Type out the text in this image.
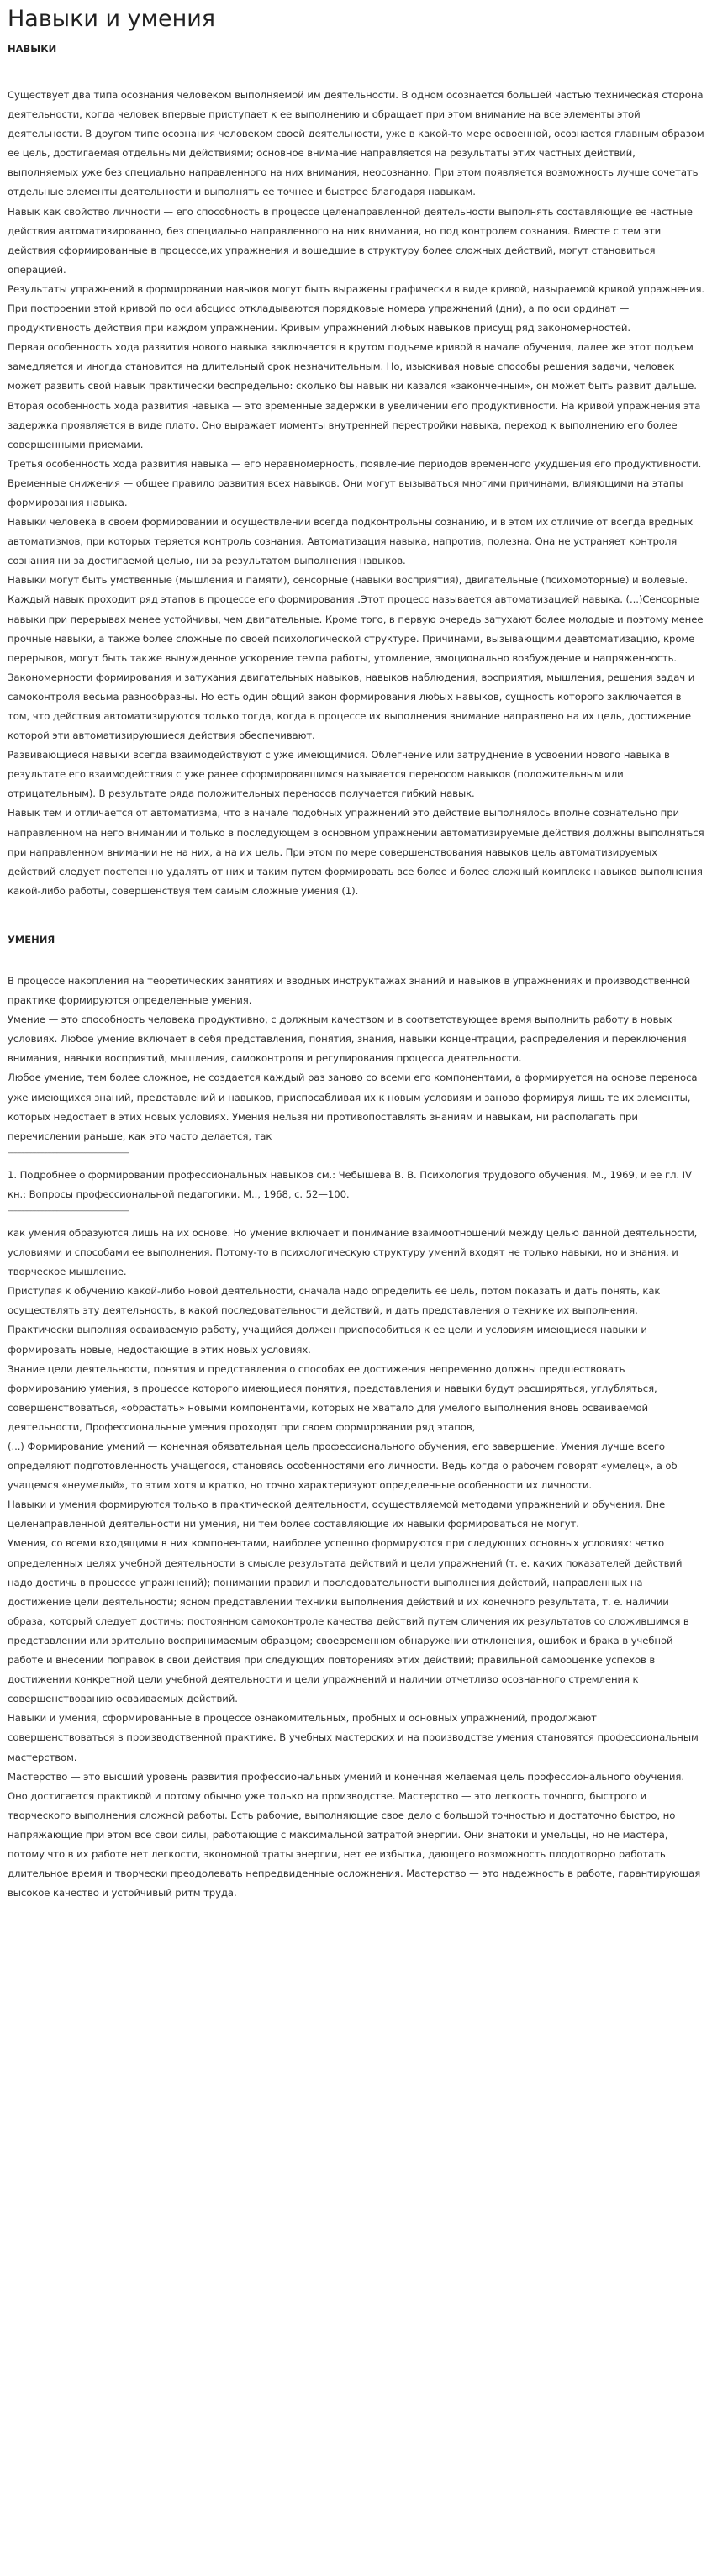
Навыки и умения
НАВЫКИ

Существует два типа осознания человеком выполняемой им деятельности. В одном осознается большей частью техническая сторона деятельности, когда человек впервые приступает к ее выполнению и обращает при этом внимание на все элементы этой деятельности. В другом типе осознания человеком своей деятельности, уже в какой-то мере освоенной, осознается главным образом ее цель, достигаемая отдельными действиями; основное внимание направляется на результаты этих частных действий, выполняемых уже без специально направленного на них внимания, неосознанно. При этом появляется возможность лучше сочетать отдельные элементы деятельности и выполнять ее точнее и быстрее благодаря навыкам.

Навык как свойство личности — его способность в процессе целенаправленной деятельности выполнять составляющие ее частные действия автоматизированно, без специально направленного на них внимания, но под контролем сознания. Вместе с тем эти действия сформированные в процессе,их упражнения и вошедшие в структуру более сложных действий, могут становиться операцией.

Результаты упражнений в формировании навыков могут быть выражены графически в виде кривой, назыраемой кривой упражнения. При построении этой кривой по оси абсцисс откладываются порядковые номера упражнений (дни), а по оси ординат — продуктивность действия при каждом упражнении. Кривым упражнений любых навыков присущ ряд закономерностей.

Первая особенность хода развития нового навыка заключается в крутом подъеме кривой в начале обучения, далее же этот подъем замедляется и иногда становится на длительный срок незначительным. Но, изыскивая новые способы решения задачи, человек может развить свой навык практически беспредельно: сколько бы навык ни казался «законченным», он может быть развит дальше.

Вторая особенность хода развития навыка — это временные задержки в увеличении его продуктивности. На кривой упражнения эта задержка проявляется в виде плато. Оно выражает моменты внутренней перестройки навыка, переход к выполнению его более совершенными приемами.

Третья особенность хода развития навыка — его неравномерность, появление периодов временного ухудшения его продуктивности. Временные снижения — общее правило развития всех навыков. Они могут вызываться многими причинами, влияющими на этапы формирования навыка.

Навыки человека в своем формировании и осуществлении всегда подконтрольны сознанию, и в этом их отличие от всегда вредных автоматизмов, при которых теряется контроль сознания. Автоматизация навыка, напротив, полезна. Она не устраняет контроля сознания ни за достигаемой целью, ни за результатом выполнения навыков.

Навыки могут быть умственные (мышления и памяти), сенсорные (навыки восприятия), двигательные (психомоторные) и волевые. Каждый навык проходит ряд этапов в процессе его формирования .Этот процесс называется автоматизацией навыка. (...)Сенсорные навыки при перерывах менее устойчивы, чем двигательные. Кроме того, в первую очередь затухают более молодые и поэтому менее прочные навыки, а также более сложные по своей психологической структуре. Причинами, вызывающими деавтоматизацию, кроме перерывов, могут быть также вынужденное ускорение темпа работы, утомление, эмоционально возбуждение и напряженность.

Закономерности формирования и затухания двигательных навыков, навыков наблюдения, восприятия, мышления, решения задач и самоконтроля весьма разнообразны. Но есть один общий закон формирования любых навыков, сущность которого заключается в том, что действия автоматизируются только тогда, когда в процессе их выполнения внимание направлено на их цель, достижение которой эти автоматизирующиеся действия обеспечивают.

Развивающиеся навыки всегда взаимодействуют с уже имеющимися. Облегчение или затруднение в усвоении нового навыка в результате его взаимодействия с уже ранее сформировавшимся называется переносом навыков (положительным или отрицательным). В результате ряда положительных переносов получается гибкий навык.

Навык тем и отличается от автоматизма, что в начале подобных упражнений это действие выполнялось вполне сознательно при направленном на него внимании и только в последующем в основном упражнении автоматизируемые действия должны выполняться при направленном внимании не на них, а на их цель. При этом по мере совершенствования навыков цель автоматизируемых действий следует постепенно удалять от них и таким путем формировать все более и более сложный комплекс навыков выполнения какой-либо работы, совершенствуя тем самым сложные умения (1).

УМЕНИЯ

В процессе накопления на теоретических занятиях и вводных инструктажах знаний и навыков в упражнениях и производственной практике формируются определенные умения.

Умение — это способность человека продуктивно, с должным качеством и в соответствующее время выполнить работу в новых условиях. Любое умение включает в себя представления, понятия, знания, навыки концентрации, распределения и переключения внимания, навыки восприятий, мышления, самоконтроля и регулирования процесса деятельности.

Любое умение, тем более сложное, не создается каждый раз заново со всеми его компонентами, а формируется на основе переноса уже имеющихся знаний, представлений и навыков, приспосабливая их к новым условиям и заново формируя лишь те их элементы, которых недостает в этих новых условиях. Умения нельзя ни противопоставлять знаниям и навыкам, ни располагать при перечислении раньше, как это часто делается, так

----------------------------------------------------------------

1. Подробнее о формировании профессиональных навыков см.: Чебышева В. В. Психология трудового обучения. М., 1969, и ее гл. IV кн.: Вопросы профессиональной педагогики. М.., 1968, с. 52—100.

----------------------------------------------------------------

как умения образуются лишь на их основе. Но умение включает и понимание взаимоотношений между целью данной деятельности, условиями и способами ее выполнения. Потому-то в психологическую структуру умений входят не только навыки, но и знания, и творческое мышление.

Приступая к обучению какой-либо новой деятельности, сначала надо определить ее цель, потом показать и дать понять, как осуществлять эту деятельность, в какой последовательности действий, и дать представления о технике их выполнения. Практически выполняя осваиваемую работу, учащийся должен приспособиться к ее цели и условиям имеющиеся навыки и формировать новые, недостающие в этих новых условиях.

Знание цели деятельности, понятия и представления о способах ее достижения непременно должны предшествовать формированию умения, в процессе которого имеющиеся понятия, представления и навыки будут расширяться, углубляться, совершенствоваться, «обрастать» новыми компонентами, которых не хватало для умелого выполнения вновь осваиваемой деятельности, Профессиональные умения проходят при своем формировании ряд этапов,

(...) Формирование умений — конечная обязательная цель профессионального обучения, его завершение. Умения лучше всего определяют подготовленность учащегося, становясь особенностями его личности. Ведь когда о рабочем говорят «умелец», а об учащемся «неумелый», то этим хотя и кратко, но точно характеризуют определенные особенности их личности.

Навыки и умения формируются только в практической деятельности, осуществляемой методами упражнений и обучения. Вне целенаправленной деятельности ни умения, ни тем более составляющие их навыки формироваться не могут.

Умения, со всеми входящими в них компонентами, наиболее успешно формируются при следующих основных условиях: четко определенных целях учебной деятельности в смысле результата действий и цели упражнений (т. е. каких показателей действий надо достичь в процессе упражнений); понимании правил и последовательности выполнения действий, направленных на достижение цели деятельности; ясном представлении техники выполнения действий и их конечного результата, т. е. наличии образа, который следует достичь; постоянном самоконтроле качества действий путем сличения их результатов со сложившимся в представлении или зрительно воспринимаемым образцом; своевременном обнаружении отклонения, ошибок и брака в учебной работе и внесении поправок в свои действия при следующих повторениях этих действий; правильной самооценке успехов в достижении конкретной цели учебной деятельности и цели упражнений и наличии отчетливо осознанного стремления к совершенствованию осваиваемых действий.

Навыки и умения, сформированные в процессе ознакомительных, пробных и основных упражнений, продолжают совершенствоваться в производственной практике. В учебных мастерских и на производстве умения становятся профессиональным мастерством.

Мастерство — это высший уровень развития профессиональных умений и конечная желаемая цель профессионального обучения. Оно достигается практикой и потому обычно уже только на производстве. Мастерство — это легкость точного, быстрого и творческого выполнения сложной работы. Есть рабочие, выполняющие свое дело с большой точностью и достаточно быстро, но напряжающие при этом все свои силы, работающие с максимальной затратой энергии. Они знатоки и умельцы, но не мастера, потому что в их работе нет легкости, экономной траты энергии, нет ее избытка, дающего возможность плодотворно работать длительное время и творчески преодолевать непредвиденные осложнения. Мастерство — это надежность в работе, гарантирующая высокое качество и устойчивый ритм труда.
